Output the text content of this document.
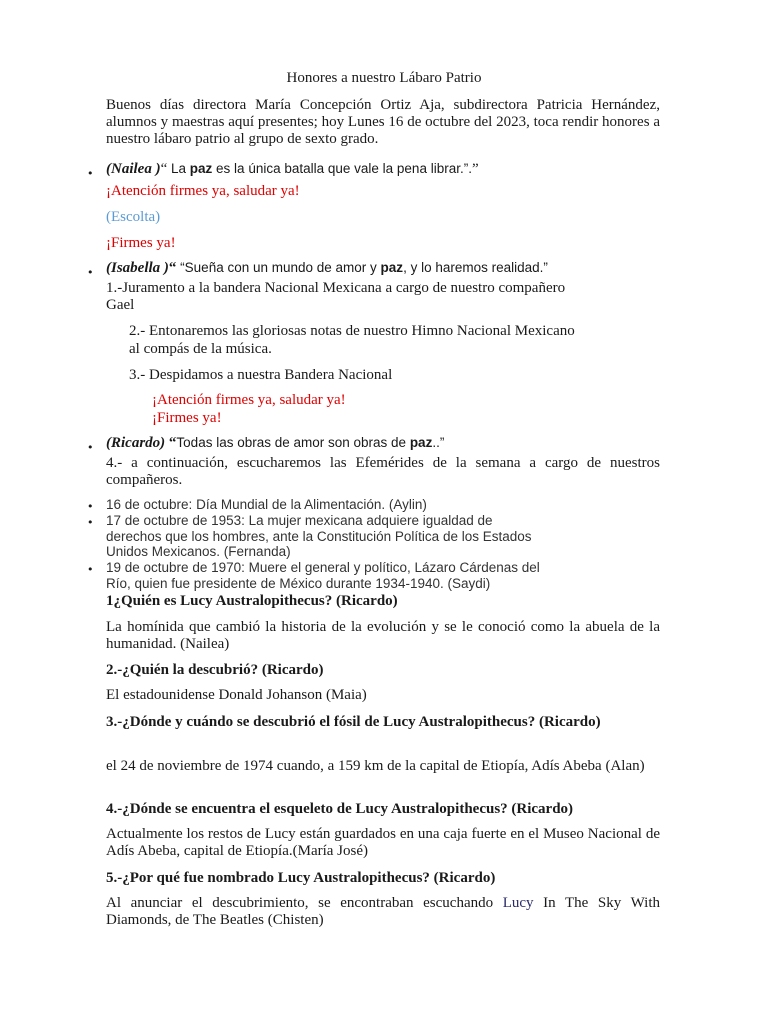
Honores a nuestro Lábaro Patrio
Buenos días directora María Concepción Ortiz Aja, subdirectora Patricia Hernández, alumnos y maestras aquí presentes; hoy Lunes 16 de octubre del 2023, toca rendir honores a nuestro lábaro patrio al grupo de sexto grado.
• (Nailea )“ La paz es la única batalla que vale la pena librar.”.”
¡Atención firmes ya, saludar ya!
(Escolta)
¡Firmes ya!
• (Isabella )“ “Sueña con un mundo de amor y paz, y lo haremos realidad.”
1.-Juramento a la bandera Nacional Mexicana a cargo de nuestro compañero
Gael
2.- Entonaremos las gloriosas notas de nuestro Himno Nacional Mexicano
al compás de la música.
3.- Despidamos a nuestra Bandera Nacional
¡Atención firmes ya, saludar ya!
¡Firmes ya!
• (Ricardo) “Todas las obras de amor son obras de paz..”
4.- a continuación, escucharemos las Efemérides de la semana a cargo de nuestros compañeros.
• 16 de octubre: Día Mundial de la Alimentación. (Aylin)
• 17 de octubre de 1953: La mujer mexicana adquiere igualdad de
derechos que los hombres, ante la Constitución Política de los Estados
Unidos Mexicanos. (Fernanda)
• 19 de octubre de 1970: Muere el general y político, Lázaro Cárdenas del
Río, quien fue presidente de México durante 1934-1940. (Saydi)
1¿Quién es Lucy Australopithecus? (Ricardo)
La homínida que cambió la historia de la evolución y se le conoció como la abuela de la humanidad. (Nailea)
2.-¿Quién la descubrió? (Ricardo)
El estadounidense Donald Johanson (Maia)
3.-¿Dónde y cuándo se descubrió el fósil de Lucy Australopithecus? (Ricardo)
el 24 de noviembre de 1974 cuando, a 159 km de la capital de Etiopía, Adís Abeba (Alan)
4.-¿Dónde se encuentra el esqueleto de Lucy Australopithecus? (Ricardo)
Actualmente los restos de Lucy están guardados en una caja fuerte en el Museo Nacional de Adís Abeba, capital de Etiopía.(María José)
5.-¿Por qué fue nombrado Lucy Australopithecus? (Ricardo)
Al anunciar el descubrimiento, se encontraban escuchando Lucy In The Sky With Diamonds, de The Beatles (Chisten)
